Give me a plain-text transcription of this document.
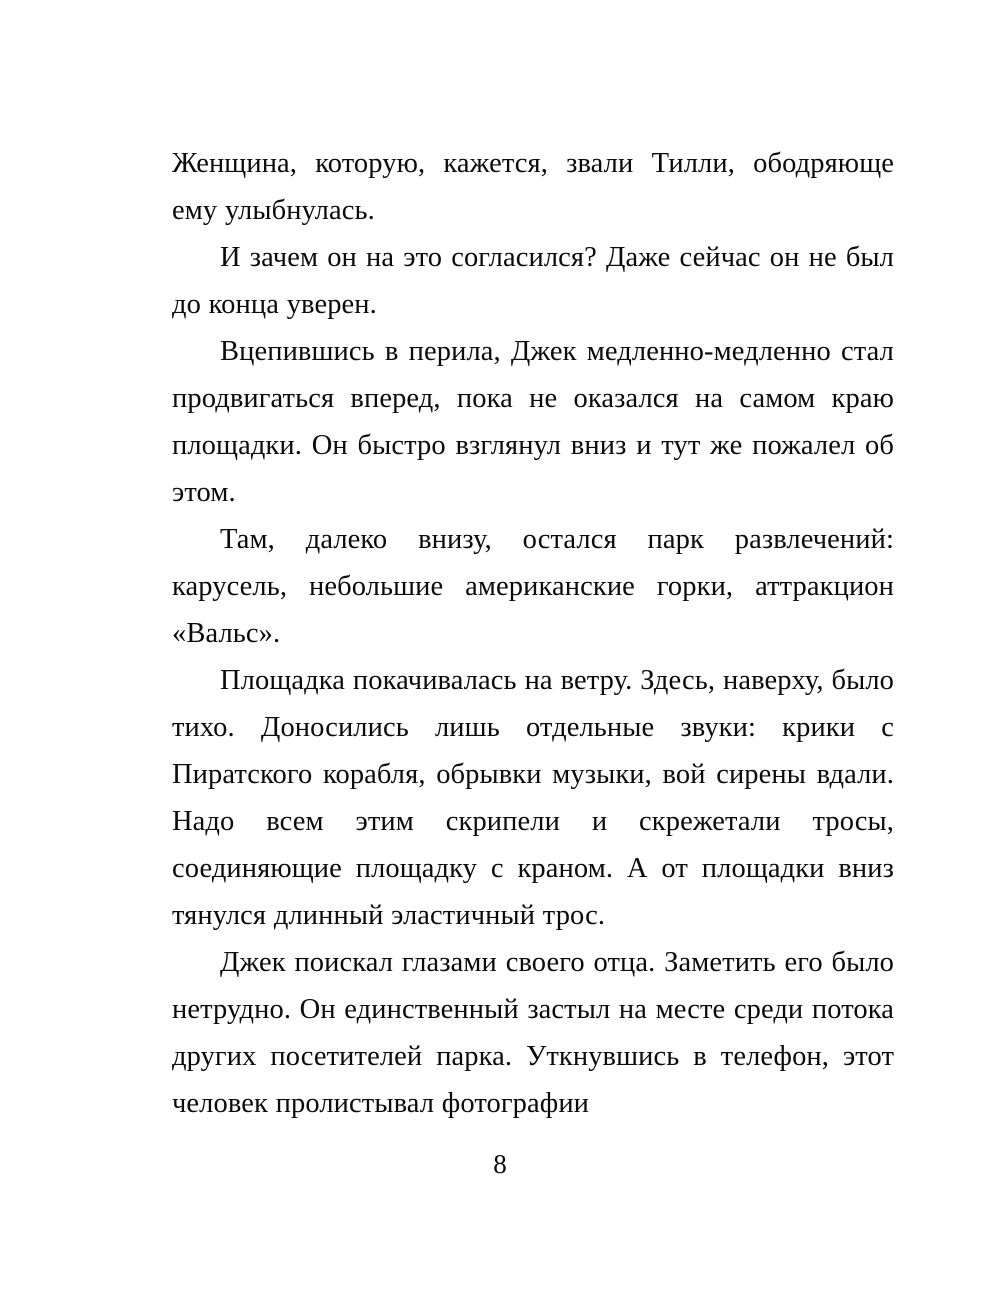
Женщина, которую, кажется, звали Тилли, ободряюще ему улыбнулась.

И зачем он на это согласился? Даже сейчас он не был до конца уверен.

Вцепившись в перила, Джек медленно-медленно стал продвигаться вперед, пока не оказался на самом краю площадки. Он быстро взглянул вниз и тут же пожалел об этом.

Там, далеко внизу, остался парк развлечений: карусель, небольшие американские горки, аттракцион «Вальс».

Площадка покачивалась на ветру. Здесь, наверху, было тихо. Доносились лишь отдельные звуки: крики с Пиратского корабля, обрывки музыки, вой сирены вдали. Надо всем этим скрипели и скрежетали тросы, соединяющие площадку с краном. А от площадки вниз тянулся длинный эластичный трос.

Джек поискал глазами своего отца. Заметить его было нетрудно. Он единственный застыл на месте среди потока других посетителей парка. Уткнувшись в телефон, этот человек пролистывал фотографии

8
